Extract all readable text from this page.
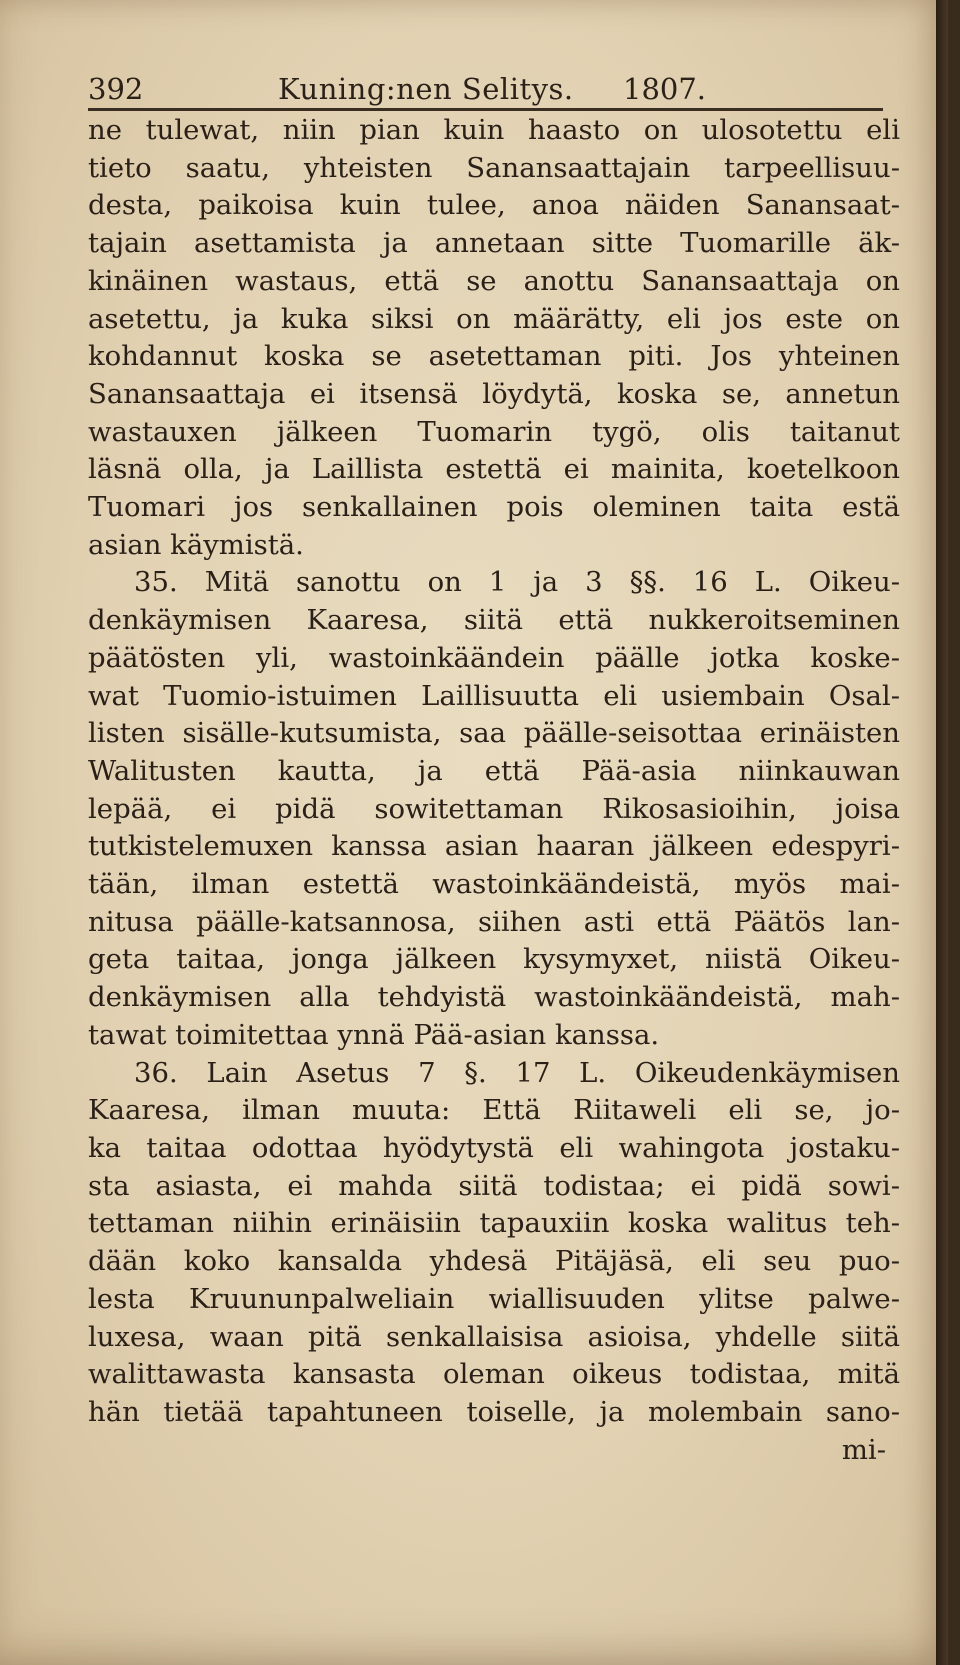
392	Kuning:nen Selitys. 1807.
ne tulewat, niin pian kuin haasto on ulosotettu eli
tieto saatu, yhteisten Sanansaattajain tarpeellisuu-
desta, paikoisa kuin tulee, anoa näiden Sanansaat-
tajain asettamista ja annetaan sitte Tuomarille äk-
kinäinen wastaus, että se anottu Sanansaattaja on
asetettu, ja kuka siksi on määrätty, eli jos este on
kohdannut koska se asetettaman piti. Jos yhteinen
Sanansaattaja ei itsensä löydytä, koska se, annetun
wastauxen jälkeen Tuomarin tygö, olis taitanut
läsnä olla, ja Laillista estettä ei mainita, koetelkoon
Tuomari jos senkallainen pois oleminen taita estä
asian käymistä.
35. Mitä sanottu on 1 ja 3 §§. 16 L. Oikeu-
denkäymisen Kaaresa, siitä että nukkeroitseminen
päätösten yli, wastoinkäändein päälle jotka koske-
wat Tuomio-istuimen Laillisuutta eli usiembain Osal-
listen sisälle-kutsumista, saa päälle-seisottaa erinäisten
Walitusten kautta, ja että Pää-asia niinkauwan
lepää, ei pidä sowitettaman Rikosasioihin, joisa
tutkistelemuxen kanssa asian haaran jälkeen edespyri-
tään, ilman estettä wastoinkäändeistä, myös mai-
nitusa päälle-katsannosa, siihen asti että Päätös lan-
geta taitaa, jonga jälkeen kysymyxet, niistä Oikeu-
denkäymisen alla tehdyistä wastoinkäändeistä, mah-
tawat toimitettaa ynnä Pää-asian kanssa.
36. Lain Asetus 7 §. 17 L. Oikeudenkäymisen
Kaaresa, ilman muuta: Että Riitaweli eli se, jo-
ka taitaa odottaa hyödytystä eli wahingota jostaku-
sta asiasta, ei mahda siitä todistaa; ei pidä sowi-
tettaman niihin erinäisiin tapauxiin koska walitus teh-
dään koko kansalda yhdesä Pitäjäsä, eli seu puo-
lesta Kruununpalweliain wiallisuuden ylitse palwe-
luxesa, waan pitä senkallaisisa asioisa, yhdelle siitä
walittawasta kansasta oleman oikeus todistaa, mitä
hän tietää tapahtuneen toiselle, ja molembain sano-
mi-
